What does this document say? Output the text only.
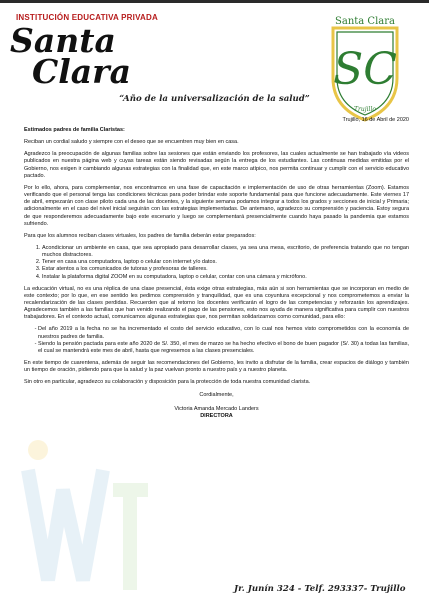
INSTITUCIÓN EDUCATIVA PRIVADA
Santa
Clara
Santa Clara
SC
Trujillo
“Año de la universalización de la salud”
Trujillo, 16 de Abril de 2020

Estimados padres de familia Claristas:

Reciban un cordial saludo y siempre con el deseo que se encuentren muy bien en casa.

Agradezco la preocupación de algunas familias sobre las sesiones que están enviando los profesores, las cuales actualmente se han trabajado vía videos publicados en nuestra página web y cuyas tareas están siendo revisadas según la entrega de los estudiantes. Las continuas medidas emitidas por el Gobierno, nos exigen ir cambiando algunas estrategias con la finalidad que, en este marco atípico, nos permita continuar y cumplir con el servicio educativo pactado.

Por lo ello, ahora, para complementar, nos encontramos en una fase de capacitación e implementación de uso de otras herramientas (Zoom). Estamos verificando que el personal tenga las condiciones técnicas para poder brindar este soporte fundamental para que funcione adecuadamente. Este viernes 17 de abril, empezarán con clase piloto cada una de las docentes, y la siguiente semana podamos integrar a todos los grados y secciones de inicial y Primaria; adicionalmente en el caso del nivel inicial seguirán con las estrategias implementadas. De antemano, agradezco su comprensión y paciencia. Estoy segura de que responderemos adecuadamente bajo este escenario y luego se complementará presencialmente cuando haya pasado la pandemia que estamos sufriendo.

Para que los alumnos reciban clases virtuales, los padres de familia deberán estar preparados:

1. Acondicionar un ambiente en casa, que sea apropiado para desarrollar clases, ya sea una mesa, escritorio, de preferencia tratando que no tengan muchos distractores.
2. Tener en casa una computadora, laptop o celular con internet y/o datos.
3. Estar atentos a los comunicados de tutoras y profesoras de talleres.
4. Instalar la plataforma digital ZOOM en su computadora, laptop o celular, contar con una cámara y micrófono.

La educación virtual, no es una réplica de una clase presencial, ésta exige otras estrategias, más aún si son herramientas que se incorporan en medio de este contexto; por lo que, en ese sentido les pedimos comprensión y tranquilidad, que es una coyuntura excepcional y nos comprometemos a enviar la recalendarización de las clases perdidas. Recuerden que al retorno los docentes verificarán el logro de las competencias y reforzarán los aprendizajes. Agradecemos también a las familias que han venido realizando el pago de las pensiones, esto nos ayuda de manera significativa para cumplir con nuestros trabajadores. En el contexto actual, comunicamos algunas estrategias que, nos permitan solidarizarnos como comunidad, para ello:

- Del año 2019 a la fecha no se ha incrementado el costo del servicio educativo, con lo cual nos hemos visto comprometidos con la economía de nuestros padres de familia.
- Siendo la pensión pactada para este año 2020 de S/. 350, el mes de marzo se ha hecho efectivo el bono de buen pagador (S/. 30) a todas las familias, el cual se mantendrá este mes de abril, hasta que regresemos a las clases presenciales.

En este tiempo de cuarentena, además de seguir las recomendaciones del Gobierno, les invito a disfrutar de la familia, crear espacios de diálogo y también un tiempo de oración, pidiendo para que la salud y la paz vuelvan pronto a nuestro país y a nuestro planeta.

Sin otro en particular, agradezco su colaboración y disposición para la protección de toda nuestra comunidad clarista.

Cordialmente,
Victoria Amanda Mercado Landers
DIRECTORA
Jr. Junín 324 - Telf. 293337- Trujillo
